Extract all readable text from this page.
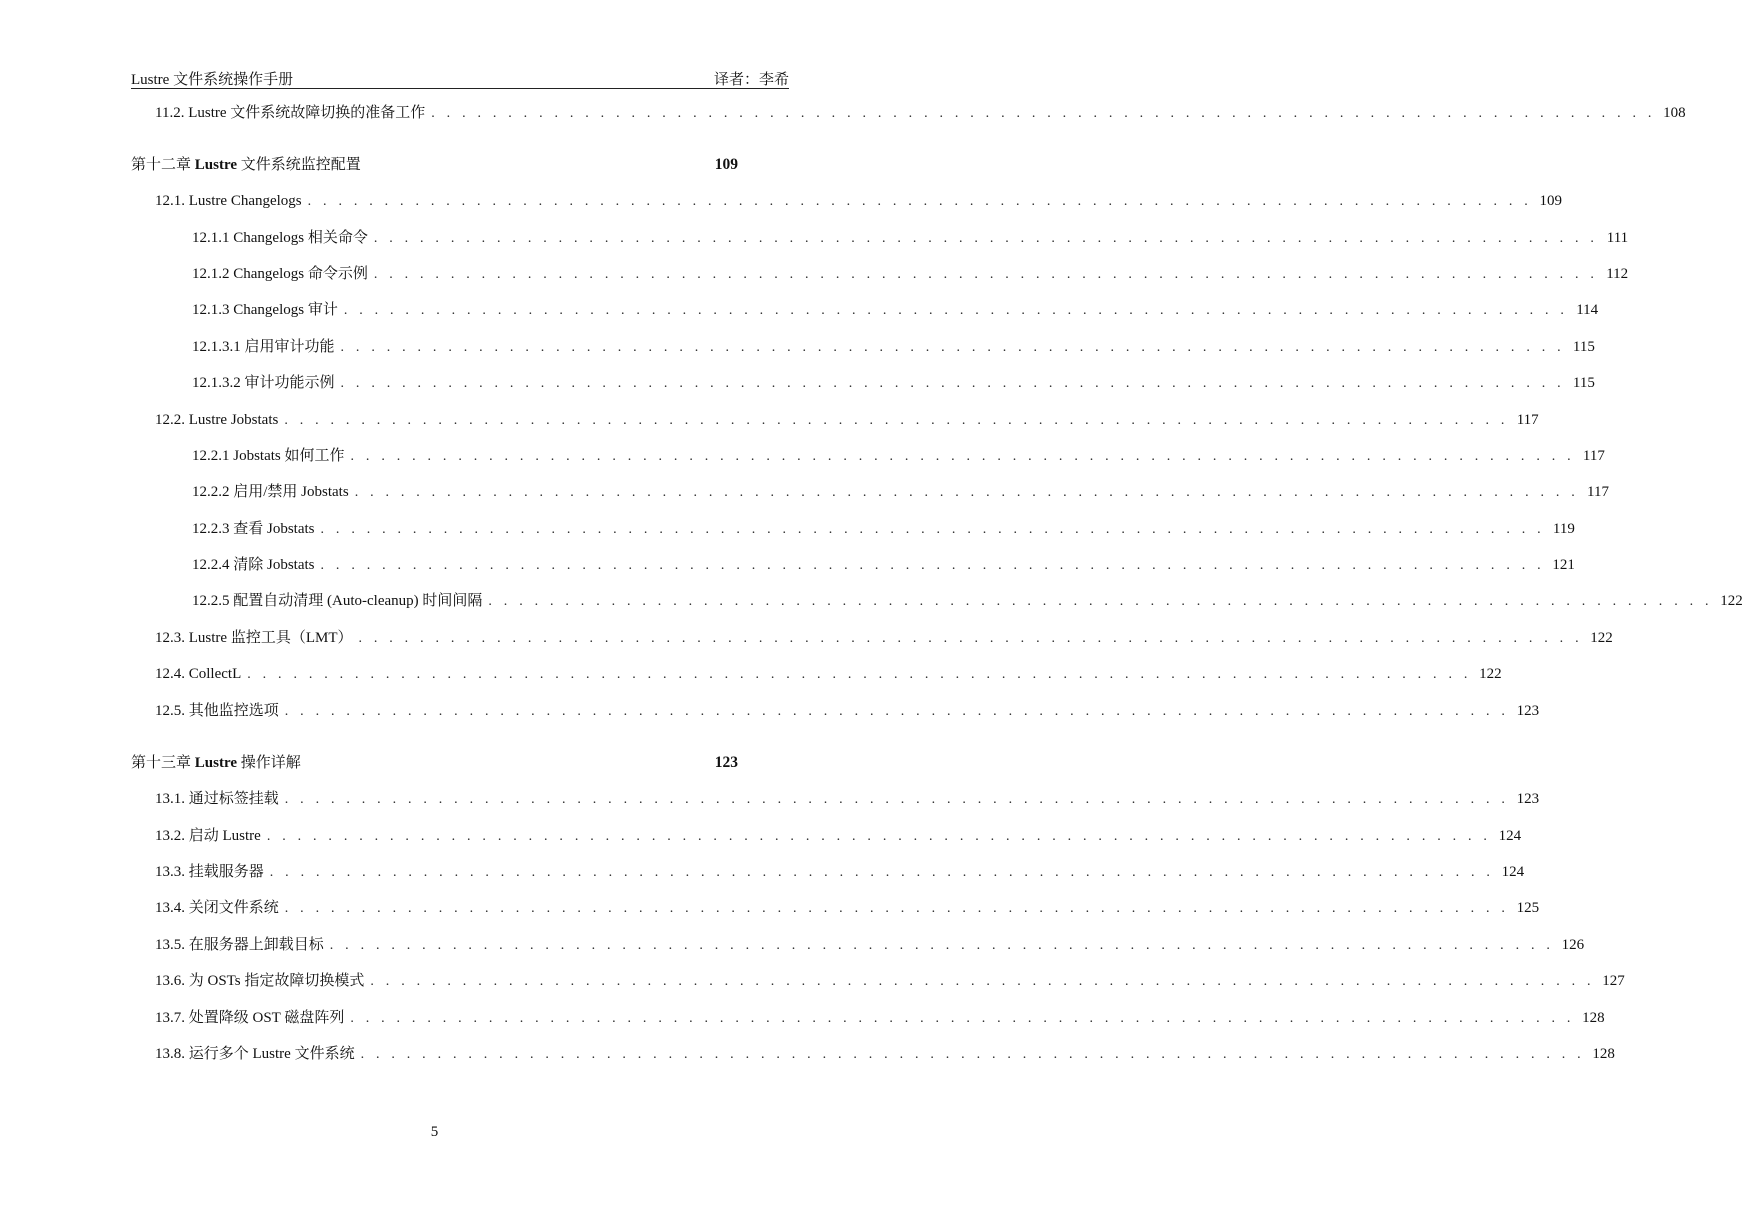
Lustre 文件系统操作手册	译者：李希
11.2. Lustre 文件系统故障切换的准备工作 . . . . . . . . . . . . . . . . . . . . . . . . . . . . . . . . . . . . . . . . . . . . . . . . . . . . . . . . . . . . . . . . . . . . . . . . . . . . . . . . 108
第十二章 Lustre 文件系统监控配置	109
12.1. Lustre Changelogs . . . . . . . . . . . . . . . . . . . . . . . . . . . . . . . . . . . . . . . . . . . . . . . . . . . . . . . . . . . . . . . . . . . . . . . . . . . . . . . . 109
12.1.1 Changelogs 相关命令 . . . . . . . . . . . . . . . . . . . . . . . . . . . . . . . . . . . . . . . . . . . . . . . . . . . . . . . . . . . . . . . . . . . . . . . . . . . . . . . . 111
12.1.2 Changelogs 命令示例 . . . . . . . . . . . . . . . . . . . . . . . . . . . . . . . . . . . . . . . . . . . . . . . . . . . . . . . . . . . . . . . . . . . . . . . . . . . . . . . . 112
12.1.3 Changelogs 审计 . . . . . . . . . . . . . . . . . . . . . . . . . . . . . . . . . . . . . . . . . . . . . . . . . . . . . . . . . . . . . . . . . . . . . . . . . . . . . . . . 114
12.1.3.1 启用审计功能 . . . . . . . . . . . . . . . . . . . . . . . . . . . . . . . . . . . . . . . . . . . . . . . . . . . . . . . . . . . . . . . . . . . . . . . . . . . . . . . . 115
12.1.3.2 审计功能示例 . . . . . . . . . . . . . . . . . . . . . . . . . . . . . . . . . . . . . . . . . . . . . . . . . . . . . . . . . . . . . . . . . . . . . . . . . . . . . . . . 115
12.2. Lustre Jobstats . . . . . . . . . . . . . . . . . . . . . . . . . . . . . . . . . . . . . . . . . . . . . . . . . . . . . . . . . . . . . . . . . . . . . . . . . . . . . . . . 117
12.2.1 Jobstats 如何工作 . . . . . . . . . . . . . . . . . . . . . . . . . . . . . . . . . . . . . . . . . . . . . . . . . . . . . . . . . . . . . . . . . . . . . . . . . . . . . . . . 117
12.2.2 启用/禁用 Jobstats . . . . . . . . . . . . . . . . . . . . . . . . . . . . . . . . . . . . . . . . . . . . . . . . . . . . . . . . . . . . . . . . . . . . . . . . . . . . . . . . 117
12.2.3 查看 Jobstats . . . . . . . . . . . . . . . . . . . . . . . . . . . . . . . . . . . . . . . . . . . . . . . . . . . . . . . . . . . . . . . . . . . . . . . . . . . . . . . . 119
12.2.4 清除 Jobstats . . . . . . . . . . . . . . . . . . . . . . . . . . . . . . . . . . . . . . . . . . . . . . . . . . . . . . . . . . . . . . . . . . . . . . . . . . . . . . . . 121
12.2.5 配置自动清理 (Auto-cleanup) 时间间隔 . . . . . . . . . . . . . . . . . . . . . . . . . . . . . . . . . . . . . . . . . . . . . . . . . . . . . . . . . . . . . . . . . . . . . . . . . . . . . . . . 122
12.3. Lustre 监控工具（LMT） . . . . . . . . . . . . . . . . . . . . . . . . . . . . . . . . . . . . . . . . . . . . . . . . . . . . . . . . . . . . . . . . . . . . . . . . . . . . . . . . 122
12.4. CollectL . . . . . . . . . . . . . . . . . . . . . . . . . . . . . . . . . . . . . . . . . . . . . . . . . . . . . . . . . . . . . . . . . . . . . . . . . . . . . . . . 122
12.5. 其他监控选项 . . . . . . . . . . . . . . . . . . . . . . . . . . . . . . . . . . . . . . . . . . . . . . . . . . . . . . . . . . . . . . . . . . . . . . . . . . . . . . . . 123
第十三章 Lustre 操作详解	123
13.1. 通过标签挂载 . . . . . . . . . . . . . . . . . . . . . . . . . . . . . . . . . . . . . . . . . . . . . . . . . . . . . . . . . . . . . . . . . . . . . . . . . . . . . . . . 123
13.2. 启动 Lustre . . . . . . . . . . . . . . . . . . . . . . . . . . . . . . . . . . . . . . . . . . . . . . . . . . . . . . . . . . . . . . . . . . . . . . . . . . . . . . . . 124
13.3. 挂载服务器 . . . . . . . . . . . . . . . . . . . . . . . . . . . . . . . . . . . . . . . . . . . . . . . . . . . . . . . . . . . . . . . . . . . . . . . . . . . . . . . . 124
13.4. 关闭文件系统 . . . . . . . . . . . . . . . . . . . . . . . . . . . . . . . . . . . . . . . . . . . . . . . . . . . . . . . . . . . . . . . . . . . . . . . . . . . . . . . . 125
13.5. 在服务器上卸载目标 . . . . . . . . . . . . . . . . . . . . . . . . . . . . . . . . . . . . . . . . . . . . . . . . . . . . . . . . . . . . . . . . . . . . . . . . . . . . . . . . 126
13.6. 为 OSTs 指定故障切换模式 . . . . . . . . . . . . . . . . . . . . . . . . . . . . . . . . . . . . . . . . . . . . . . . . . . . . . . . . . . . . . . . . . . . . . . . . . . . . . . . . 127
13.7. 处置降级 OST 磁盘阵列 . . . . . . . . . . . . . . . . . . . . . . . . . . . . . . . . . . . . . . . . . . . . . . . . . . . . . . . . . . . . . . . . . . . . . . . . . . . . . . . . 128
13.8. 运行多个 Lustre 文件系统 . . . . . . . . . . . . . . . . . . . . . . . . . . . . . . . . . . . . . . . . . . . . . . . . . . . . . . . . . . . . . . . . . . . . . . . . . . . . . . . . 128
5
